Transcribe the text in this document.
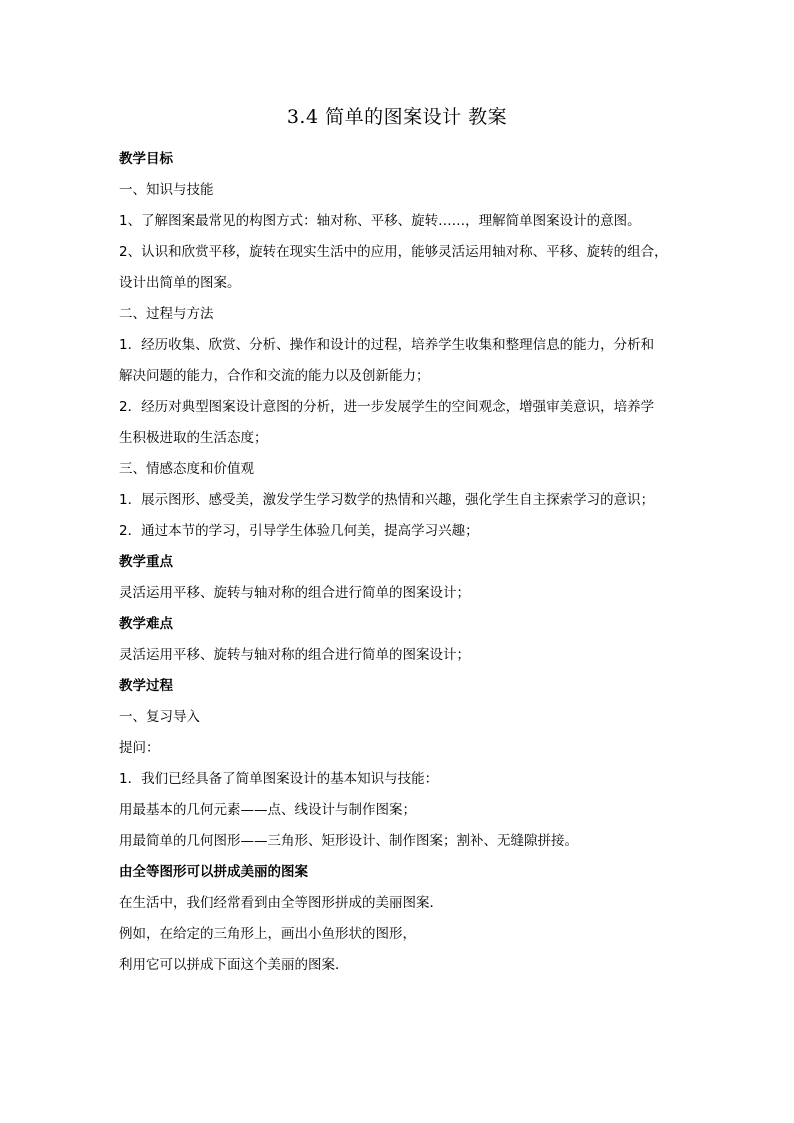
3.4 简单的图案设计 教案
教学目标
一、知识与技能
1、了解图案最常见的构图方式：轴对称、平移、旋转……，理解简单图案设计的意图。
2、认识和欣赏平移，旋转在现实生活中的应用，能够灵活运用轴对称、平移、旋转的组合，
设计出简单的图案。
二、过程与方法
1．经历收集、欣赏、分析、操作和设计的过程，培养学生收集和整理信息的能力，分析和
解决问题的能力，合作和交流的能力以及创新能力；
2．经历对典型图案设计意图的分析，进一步发展学生的空间观念，增强审美意识，培养学
生积极进取的生活态度；
三、情感态度和价值观
1．展示图形、感受美，激发学生学习数学的热情和兴趣，强化学生自主探索学习的意识；
2．通过本节的学习，引导学生体验几何美，提高学习兴趣；
教学重点
灵活运用平移、旋转与轴对称的组合进行简单的图案设计；
教学难点
灵活运用平移、旋转与轴对称的组合进行简单的图案设计；
教学过程
一、复习导入
提问：
1．我们已经具备了简单图案设计的基本知识与技能：
用最基本的几何元素——点、线设计与制作图案；
用最简单的几何图形——三角形、矩形设计、制作图案；割补、无缝隙拼接。
由全等图形可以拼成美丽的图案
在生活中，我们经常看到由全等图形拼成的美丽图案．
例如，在给定的三角形上，画出小鱼形状的图形，
利用它可以拼成下面这个美丽的图案．
